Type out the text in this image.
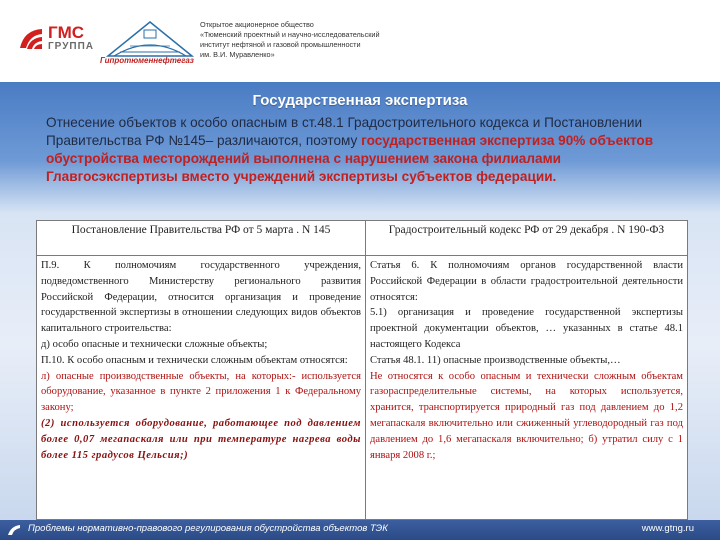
ГМС
ГРУППА
Гипротюменнефтегаз
Открытое акционерное общество
«Тюменский проектный и научно-исследовательский
институт нефтяной и газовой промышленности
им. В.И. Муравленко»
Государственная экспертиза
Отнесение объектов к особо опасным в ст.48.1 Градостроительного кодекса и Постановлении Правительства РФ №145– различаются, поэтому государственная экспертиза 90% объектов обустройства месторождений выполнена с нарушением закона филиалами Главгосэкспертизы вместо учреждений экспертизы субъектов федерации.
Постановление Правительства РФ от 5 марта . N 145

П.9. К полномочиям государственного учреждения, подведомственного Министерству регионального развития Российской Федерации, относится организация и проведение государственной экспертизы в отношении следующих видов объектов капитального строительства:

д) особо опасные и технически сложные объекты;

П.10. К особо опасным и технически сложным объектам относятся:

л) опасные производственные объекты, на которых:- используется оборудование, указанное в пункте 2 приложения 1 к Федеральному закону;

(2) используется оборудование, работающее под давлением более 0,07 мегапаскаля или при температуре нагрева воды более 115 градусов Цельсия;)

Градостроительный кодекс РФ от 29 декабря . N 190-ФЗ

Статья 6. К полномочиям органов государственной власти Российской Федерации в области градостроительной деятельности относятся:

5.1) организация и проведение государственной экспертизы проектной документации объектов, … указанных в статье 48.1 настоящего Кодекса

Статья 48.1. 11) опасные производственные объекты,…

Не относятся к особо опасным и технически сложным объектам газораспределительные системы, на которых используется, хранится, транспортируется природный газ под давлением до 1,2 мегапаскаля включительно или сжиженный углеводородный газ под давлением до 1,6 мегапаскаля включительно; б) утратил силу с 1 января 2008 г.;

Проблемы нормативно-правового регулирования обустройства объектов ТЭК	www.gtng.ru
